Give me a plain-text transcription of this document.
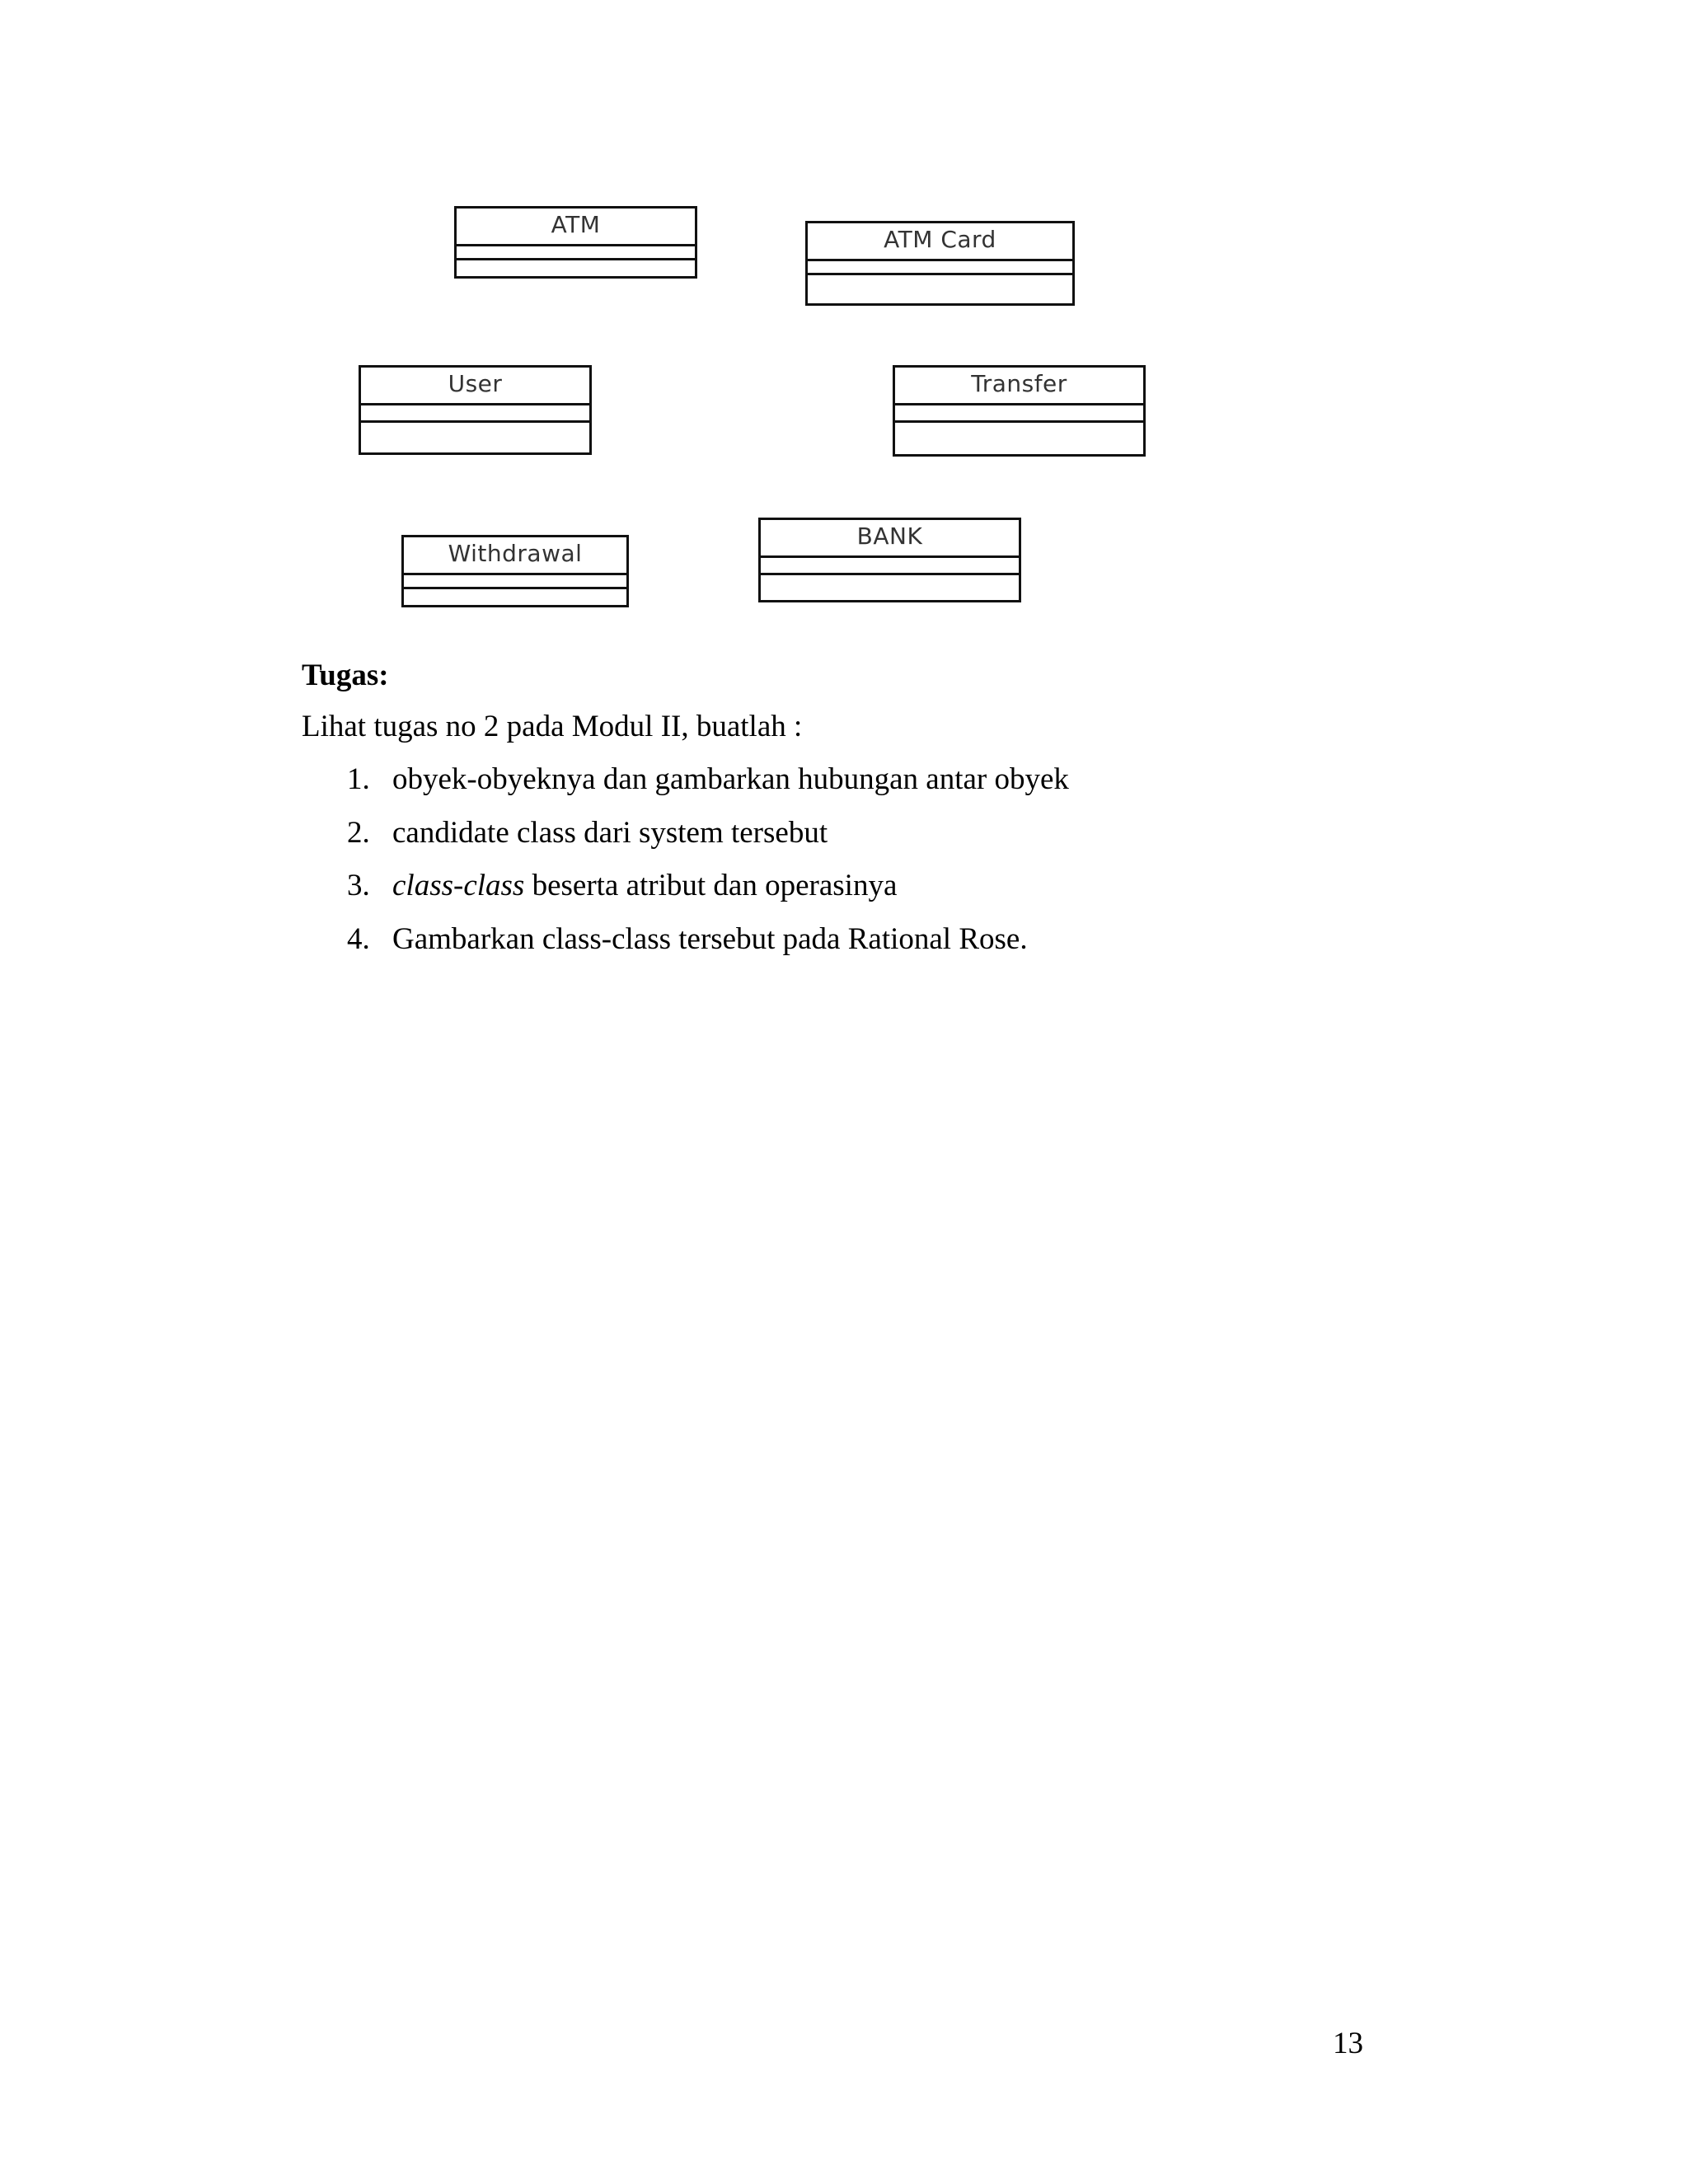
ATM
ATM Card
User	Transfer
Withdrawal
BANK
Tugas:
Lihat tugas no 2 pada Modul II, buatlah :
1. obyek-obyeknya dan gambarkan hubungan antar obyek
2. candidate class dari system tersebut
3. class-class beserta atribut dan operasinya
4. Gambarkan class-class tersebut pada Rational Rose.
13
